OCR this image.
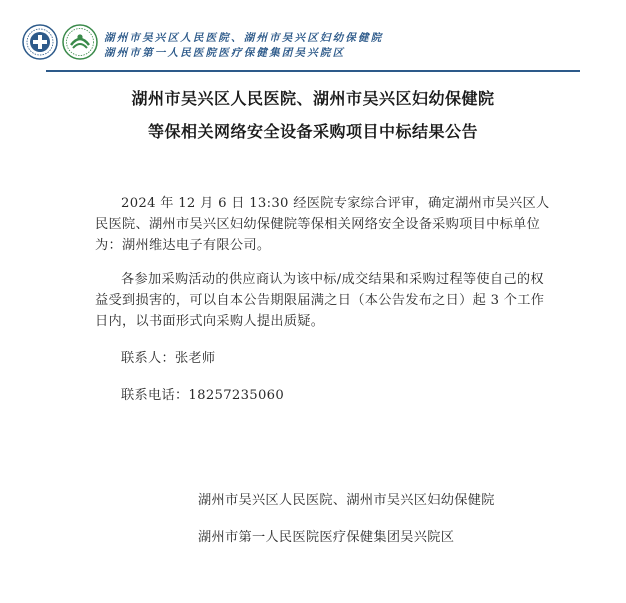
湖州市吴兴区人民医院、湖州市吴兴区妇幼保健院
湖州市第一人民医院医疗保健集团吴兴院区
湖州市吴兴区人民医院、湖州市吴兴区妇幼保健院
等保相关网络安全设备采购项目中标结果公告
2024 年 12 月 6 日 13:30 经医院专家综合评审，确定湖州市吴兴区人民医院、湖州市吴兴区妇幼保健院等保相关网络安全设备采购项目中标单位为：湖州维达电子有限公司。
各参加采购活动的供应商认为该中标/成交结果和采购过程等使自己的权益受到损害的，可以自本公告期限届满之日（本公告发布之日）起 3 个工作日内，以书面形式向采购人提出质疑。
联系人：张老师
联系电话：18257235060
湖州市吴兴区人民医院、湖州市吴兴区妇幼保健院
湖州市第一人民医院医疗保健集团吴兴院区
